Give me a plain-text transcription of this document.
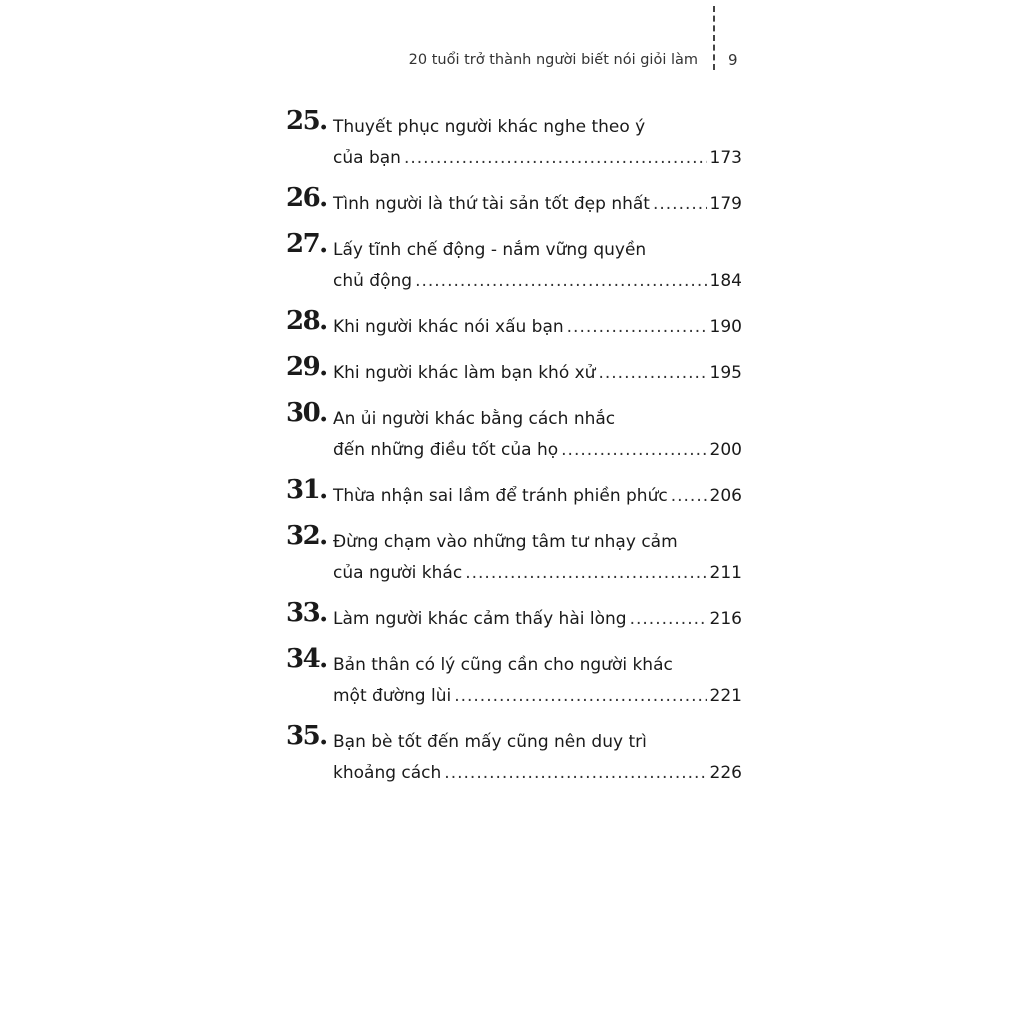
20 tuổi trở thành người biết nói giỏi làm 9
25. Thuyết phục người khác nghe theo ý
của bạn .....	173
26. Tình người là thứ tài sản tốt đẹp nhất .....	179
27. Lấy tĩnh chế động - nắm vững quyền
chủ động .....	184
28. Khi người khác nói xấu bạn .....	190
29. Khi người khác làm bạn khó xử .....	195
30. An ủi người khác bằng cách nhắc
đến những điều tốt của họ .....	200
31. Thừa nhận sai lầm để tránh phiền phức ..... 206
32. Đừng chạm vào những tâm tư nhạy cảm
của người khác .....	211
33. Làm người khác cảm thấy hài lòng .....	216
34. Bản thân có lý cũng cần cho người khác
một đường lùi .....	221
35. Bạn bè tốt đến mấy cũng nên duy trì
khoảng cách .....	226
